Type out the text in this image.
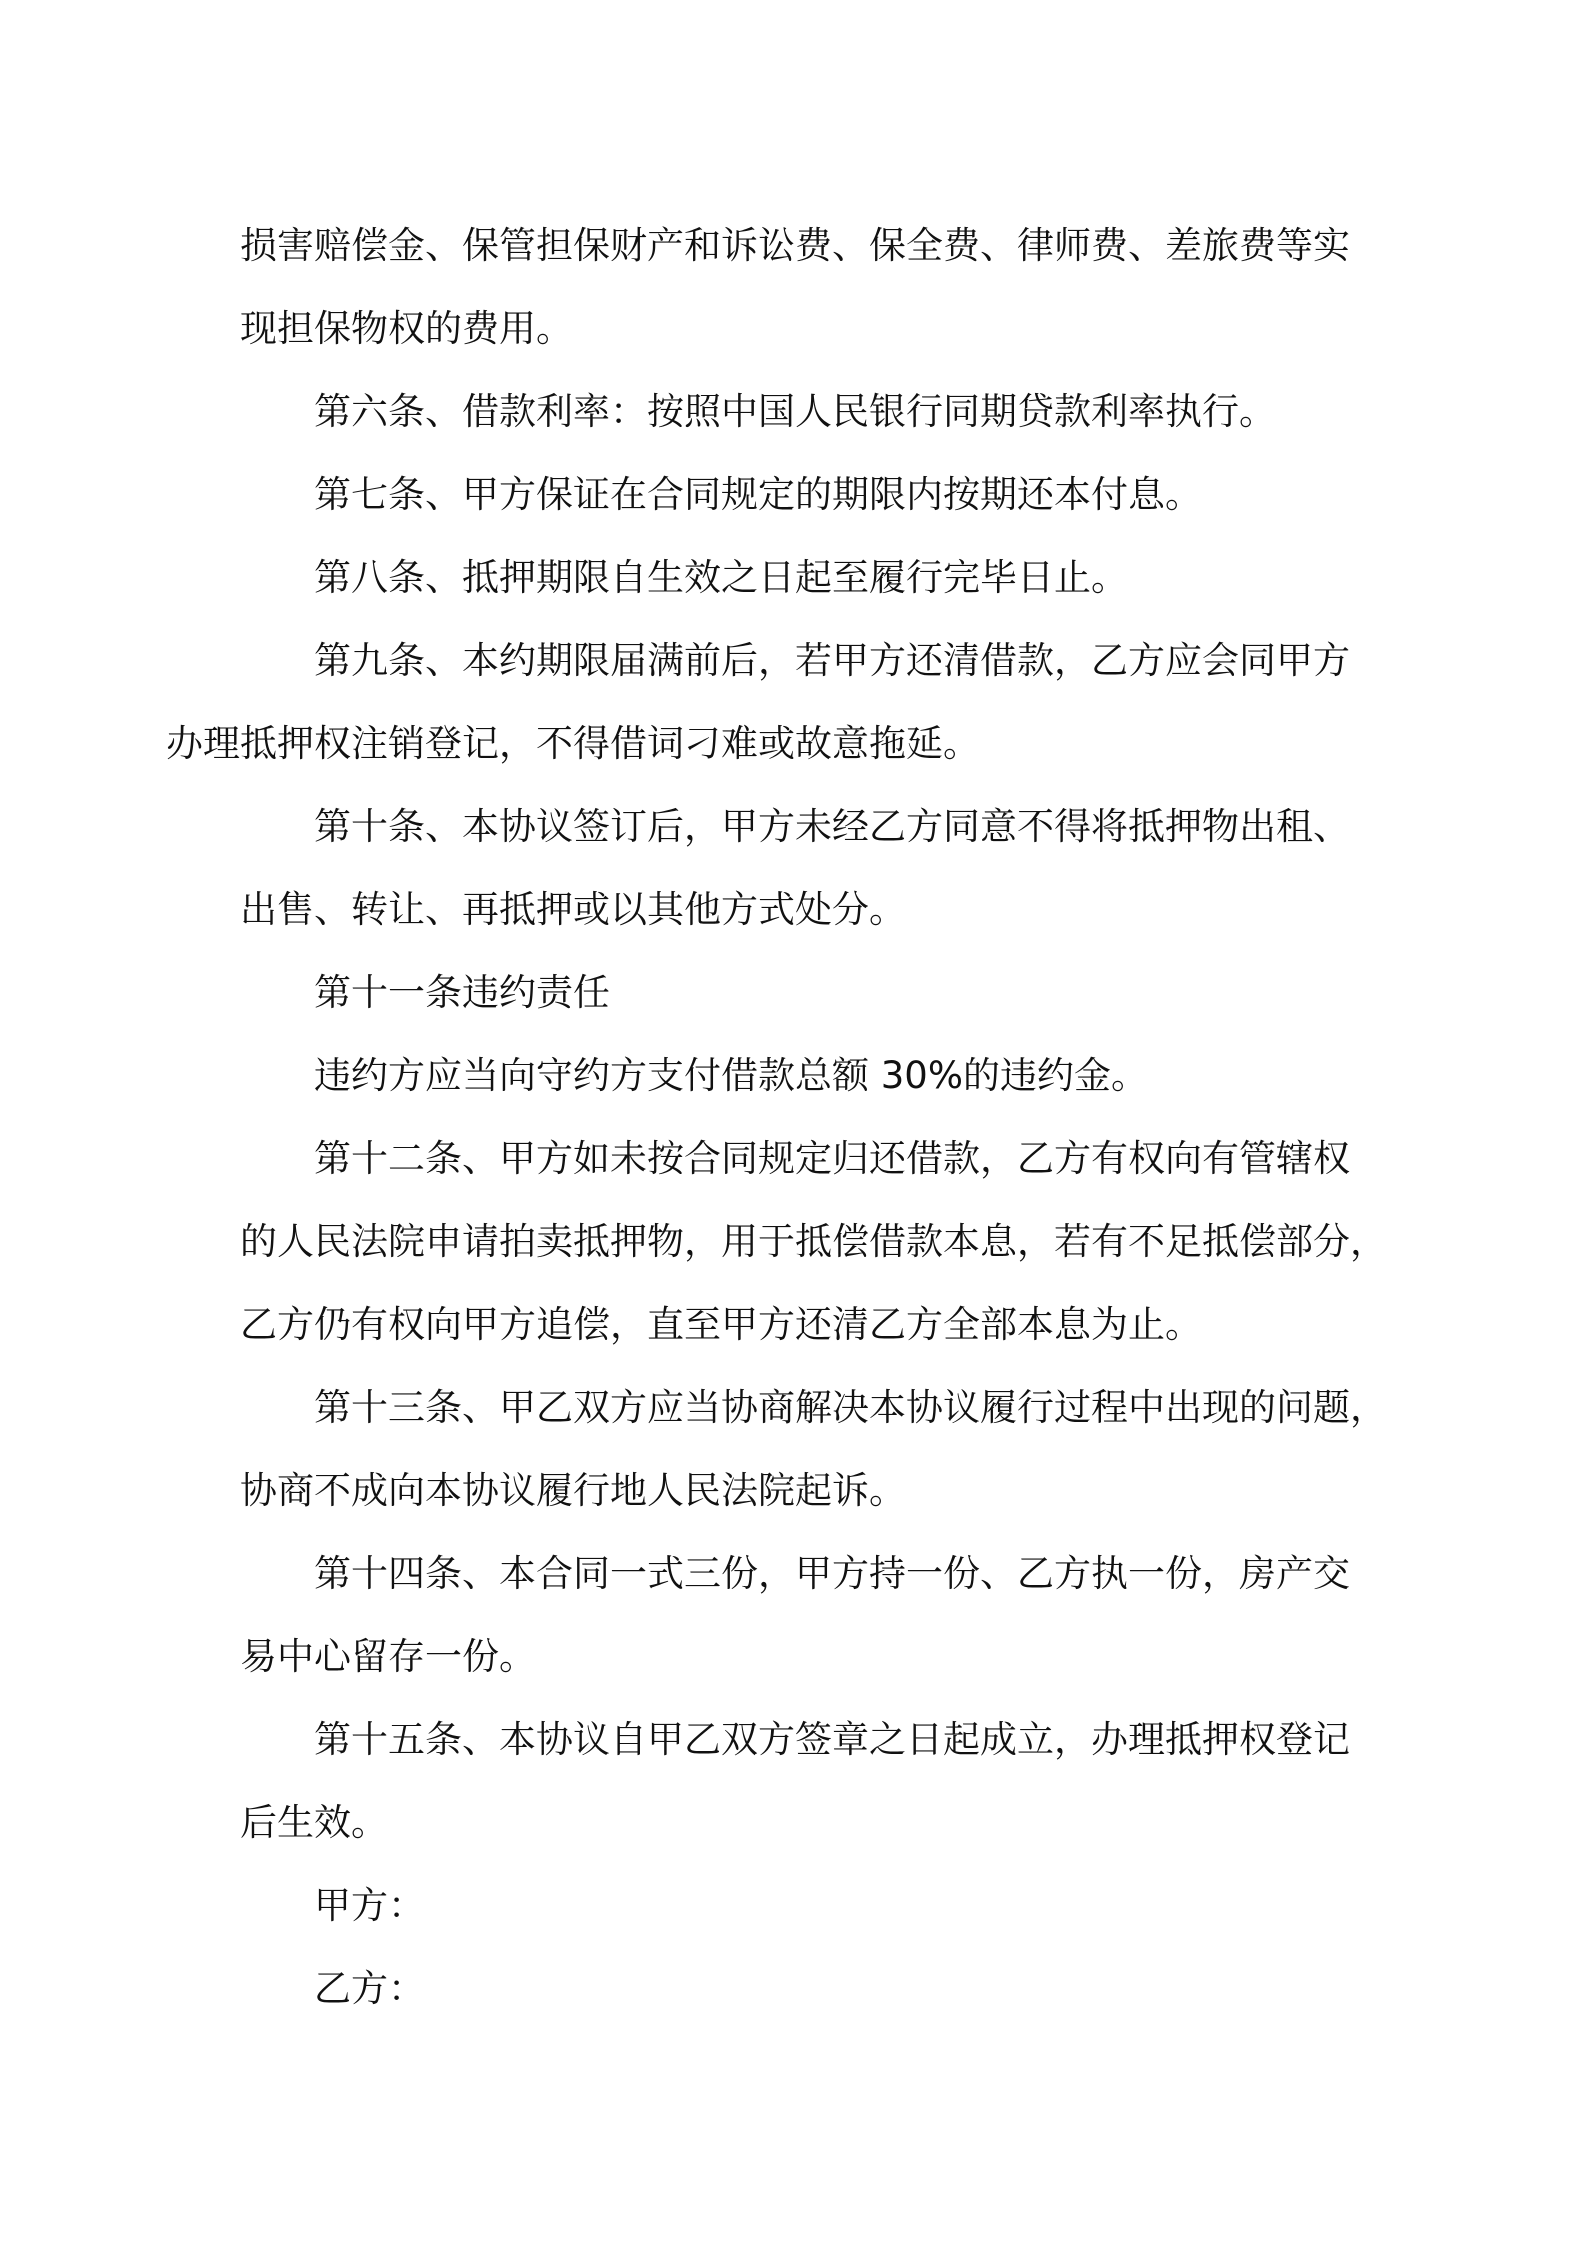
损害赔偿金、保管担保财产和诉讼费、保全费、律师费、差旅费等实
现担保物权的费用。

第六条、借款利率：按照中国人民银行同期贷款利率执行。

第七条、甲方保证在合同规定的期限内按期还本付息。

第八条、抵押期限自生效之日起至履行完毕日止。

第九条、本约期限届满前后，若甲方还清借款，乙方应会同甲方
办理抵押权注销登记，不得借词刁难或故意拖延。

第十条、本协议签订后，甲方未经乙方同意不得将抵押物出租、
出售、转让、再抵押或以其他方式处分。

第十一条违约责任

违约方应当向守约方支付借款总额 30%的违约金。

第十二条、甲方如未按合同规定归还借款，乙方有权向有管辖权
的人民法院申请拍卖抵押物，用于抵偿借款本息，若有不足抵偿部分，
乙方仍有权向甲方追偿，直至甲方还清乙方全部本息为止。

第十三条、甲乙双方应当协商解决本协议履行过程中出现的问题，
协商不成向本协议履行地人民法院起诉。

第十四条、本合同一式三份，甲方持一份、乙方执一份，房产交
易中心留存一份。

第十五条、本协议自甲乙双方签章之日起成立，办理抵押权登记
后生效。

甲方：

乙方：
